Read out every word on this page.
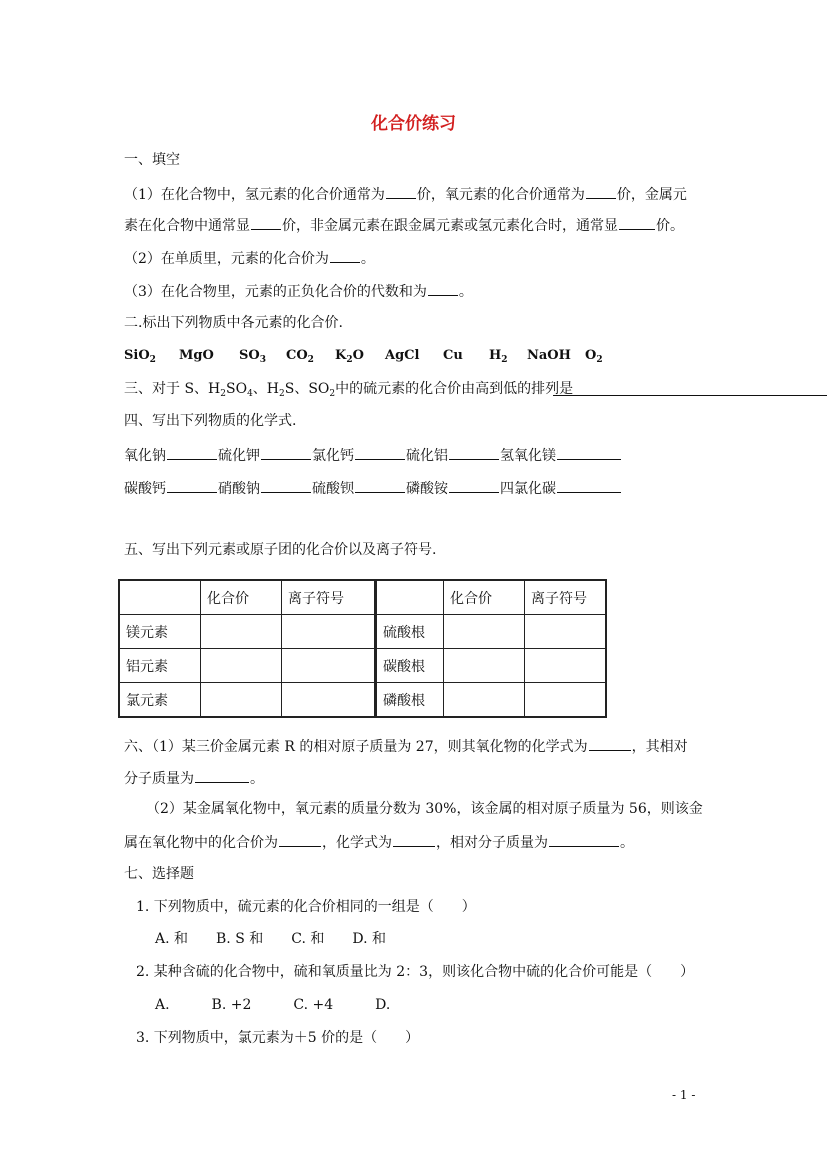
化合价练习
一、填空
（1）在化合物中，氢元素的化合价通常为 价，氧元素的化合价通常为 价，金属元
素在化合物中通常显 价，非金属元素在跟金属元素或氢元素化合时，通常显	价。
（2）在单质里，元素的化合价为 。
（3）在化合物里，元素的正负化合价的代数和为 。
二.标出下列物质中各元素的化合价.
SiO$_2$ MgO $SO_3$ $CO_2$ $K_2O$ AgCl Cu $H_2$ NaOH $O_2$
三、对于 S、$H_2SO_4$、$H_2S$、$SO_2$中的硫元素的化合价由高到低的排列是
四、写出下列物质的化学式.
氧化钠	硫化钾	氯化钙	硫化铝	氢氧化镁
碳酸钙	硝酸钠	硫酸钡	磷酸铵	四氯化碳
五、写出下列元素或原子团的化合价以及离子符号.
	化合价	离子符号		化合价	离子符号
镁元素			硫酸根		
铝元素			碳酸根		
氯元素			磷酸根		
六、（1）某三价金属元素 R 的相对原子质量为 27，则其氧化物的化学式为	，其相对
分子质量为	。
（2）某金属氧化物中，氧元素的质量分数为 30%，该金属的相对原子质量为 56，则该金
属在氧化物中的化合价为	，化学式为	，相对分子质量为	。
七、选择题
1. 下列物质中，硫元素的化合价相同的一组是（　　）
A. 和　　B. S 和　　C. 和　　D. 和
2. 某种含硫的化合物中，硫和氧质量比为 2：3，则该化合物中硫的化合价可能是（　　）
A.　　　B. +2　　　C. +4　　　D.
3. 下列物质中，氯元素为＋5 价的是（　　）
- 1 -
